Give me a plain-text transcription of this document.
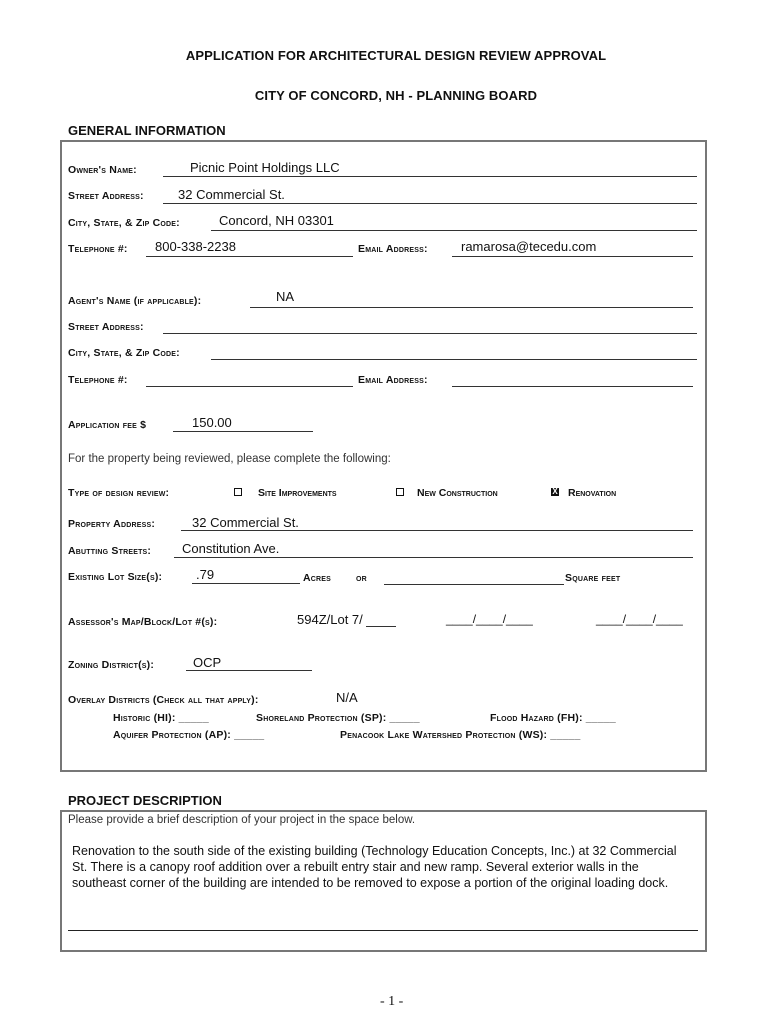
APPLICATION FOR ARCHITECTURAL DESIGN REVIEW APPROVAL
CITY OF CONCORD, NH - PLANNING BOARD
GENERAL INFORMATION
Owner's Name:	Picnic Point Holdings LLC
Street Address:	32 Commercial St.
City, State, & Zip Code:	Concord, NH 03301
Telephone #: 800-338-2238	Email Address:	ramarosa@tecedu.com
Agent's Name (if applicable):	NA
Street Address:
City, State, & Zip Code:
Telephone #:	Email Address:
Application fee $	150.00
For the property being reviewed, please complete the following:
Type of design review:	Site Improvements	New Construction	X Renovation
Property Address:	32 Commercial St.
Abutting Streets: Constitution Ave.
Existing Lot Size(s):	.79	Acres or	Square feet
Assessor's Map/Block/Lot #(s):	594Z/Lot 7/	____/____/____	____/____/____
Zoning District(s):	OCP
Overlay Districts (Check all that apply):	N/A
Historic (HI): _____	Shoreland Protection (SP): _____	Flood Hazard (FH): _____
Aquifer Protection (AP): _____	Penacook Lake Watershed Protection (WS): _____
PROJECT DESCRIPTION
Please provide a brief description of your project in the space below.
Renovation to the south side of the existing building (Technology Education Concepts, Inc.) at 32 Commercial St. There is a canopy roof addition over a rebuilt entry stair and new ramp. Several exterior walls in the southeast corner of the building are intended to be removed to expose a portion of the original loading dock.
- 1 -
